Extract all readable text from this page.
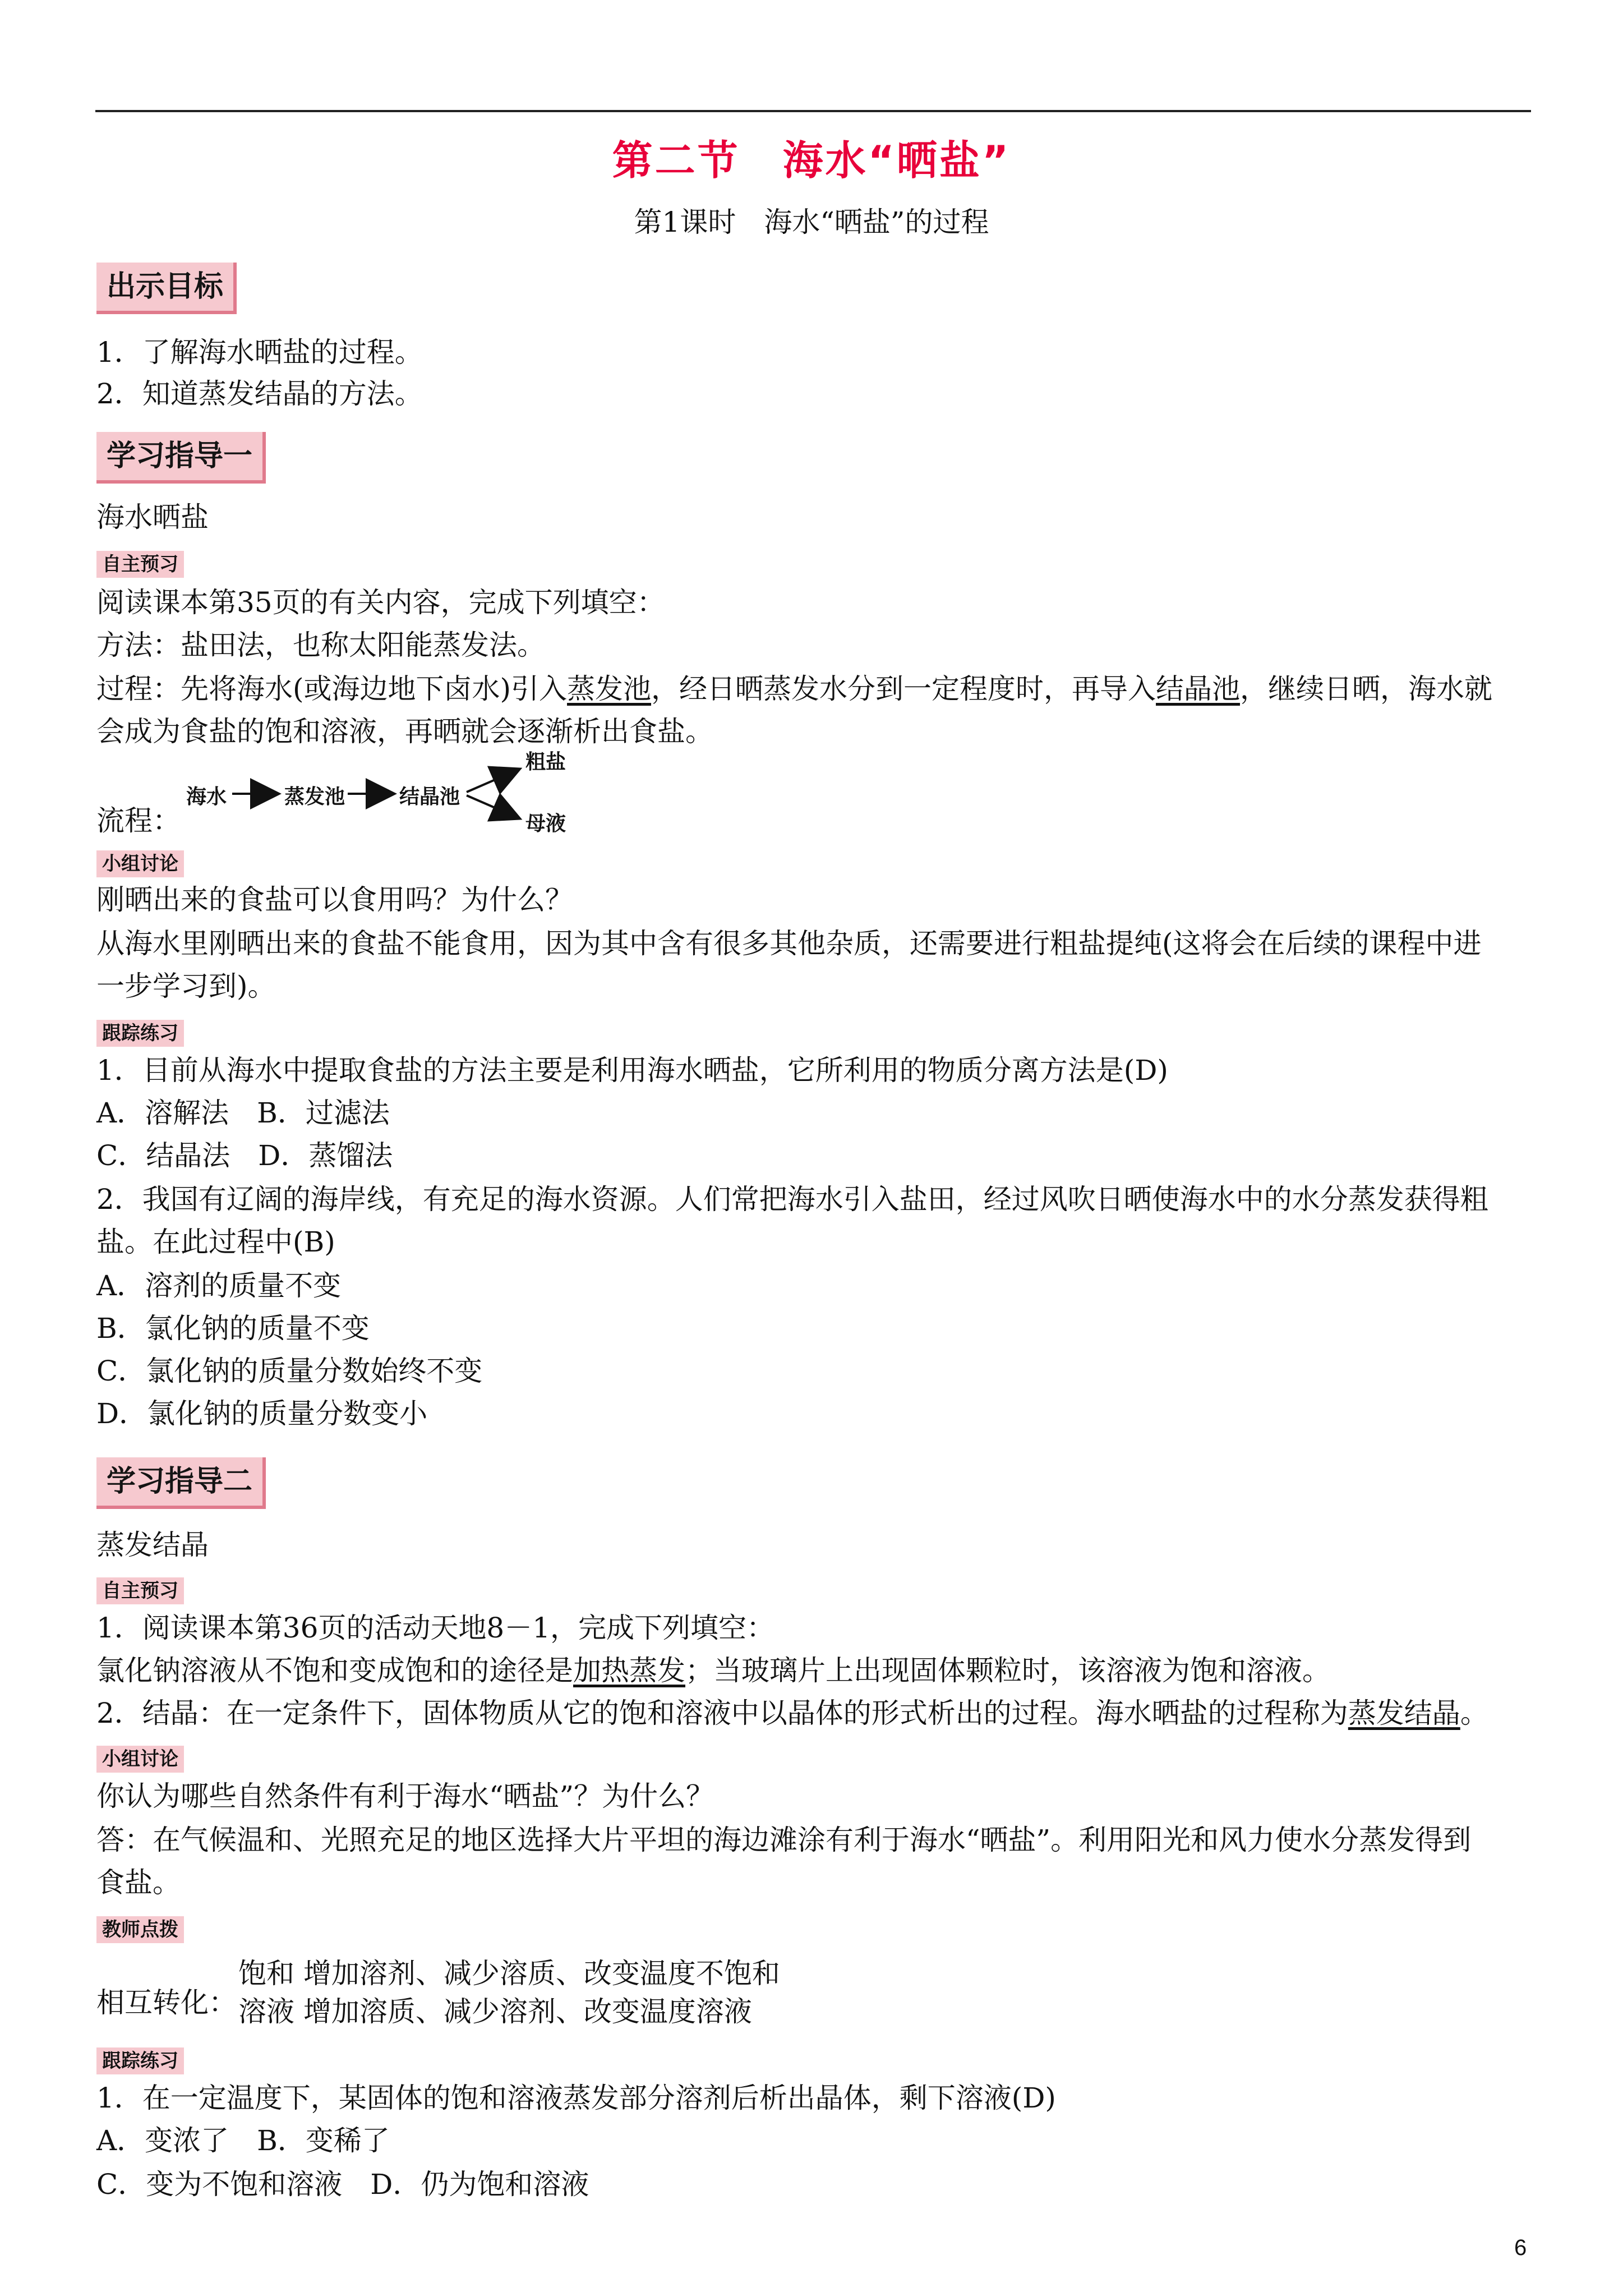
第二节　海水“晒盐”
第1课时　海水“晒盐”的过程
出示目标
1．了解海水晒盐的过程。
2．知道蒸发结晶的方法。
学习指导一
海水晒盐
自主预习
阅读课本第35页的有关内容，完成下列填空：
方法：盐田法，也称太阳能蒸发法。
过程：先将海水(或海边地下卤水)引入蒸发池，经日晒蒸发水分到一定程度时，再导入结晶池，继续日晒，海水就
会成为食盐的饱和溶液，再晒就会逐渐析出食盐。
海水	蒸发池	结晶池
粗盐
母液
流程：
小组讨论
刚晒出来的食盐可以食用吗？为什么？
从海水里刚晒出来的食盐不能食用，因为其中含有很多其他杂质，还需要进行粗盐提纯(这将会在后续的课程中进
一步学习到)。
跟踪练习
1．目前从海水中提取食盐的方法主要是利用海水晒盐，它所利用的物质分离方法是(D)
A．溶解法　B．过滤法
C．结晶法　D．蒸馏法
2．我国有辽阔的海岸线，有充足的海水资源。人们常把海水引入盐田，经过风吹日晒使海水中的水分蒸发获得粗
盐。在此过程中(B)
A．溶剂的质量不变
B．氯化钠的质量不变
C．氯化钠的质量分数始终不变
D．氯化钠的质量分数变小
学习指导二
蒸发结晶
自主预习
1．阅读课本第36页的活动天地8－1，完成下列填空：
氯化钠溶液从不饱和变成饱和的途径是加热蒸发；当玻璃片上出现固体颗粒时，该溶液为饱和溶液。
2．结晶：在一定条件下，固体物质从它的饱和溶液中以晶体的形式析出的过程。海水晒盐的过程称为蒸发结晶。
小组讨论
你认为哪些自然条件有利于海水“晒盐”？为什么？
答：在气候温和、光照充足的地区选择大片平坦的海边滩涂有利于海水“晒盐”。利用阳光和风力使水分蒸发得到
食盐。
教师点拨
相互转化：
饱和 增加溶剂、减少溶质、改变温度不饱和
溶液 增加溶质、减少溶剂、改变温度溶液
跟踪练习
1．在一定温度下，某固体的饱和溶液蒸发部分溶剂后析出晶体，剩下溶液(D)
A．变浓了　B．变稀了
C．变为不饱和溶液　D．仍为饱和溶液
6
